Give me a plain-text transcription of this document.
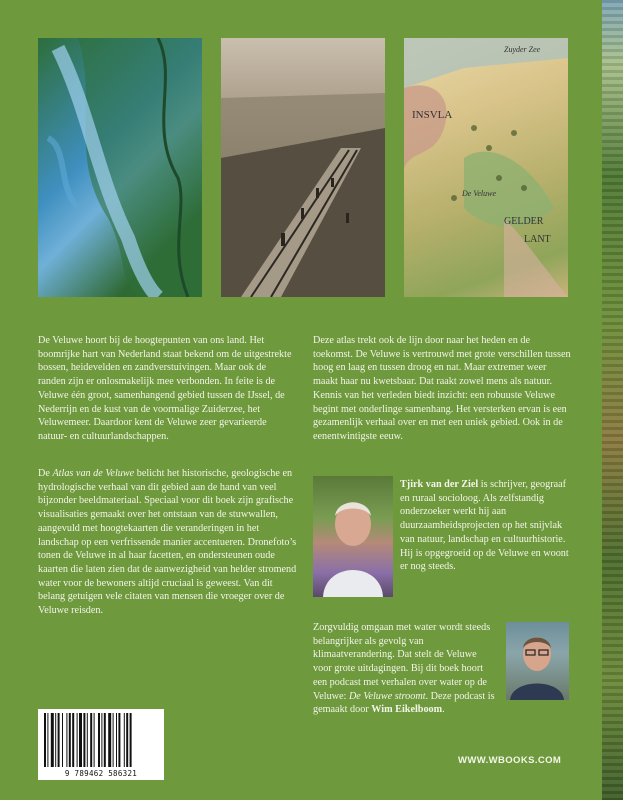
Zuyder Zee
INSVLA
De Veluwe
GELDER
LANT

De Veluwe hoort bij de hoogtepunten van ons land. Het boomrijke hart van Nederland staat bekend om de uitgestrekte bossen, heidevelden en zandverstuivingen. Maar ook de randen zijn er onlosmakelijk mee verbonden. In feite is de Veluwe één groot, samenhangend gebied tussen de IJssel, de Nederrijn en de kust van de voormalige Zuiderzee, het Veluwemeer. Daardoor kent de Veluwe zeer gevarieerde natuur- en cultuurlandschappen.

De Atlas van de Veluwe belicht het historische, geologische en hydrologische verhaal van dit gebied aan de hand van veel bijzonder beeldmateriaal. Speciaal voor dit boek zijn grafische visualisaties gemaakt over het ontstaan van de stuwwallen, aangevuld met hoogtekaarten die veranderingen in het landschap op een verfrissende manier accentueren. Dronefoto’s tonen de Veluwe in al haar facetten, en ondersteunen oude kaarten die laten zien dat de aanwezigheid van helder stromend water voor de bewoners altijd cruciaal is geweest. Van dit belang getuigen vele citaten van mensen die vroeger over de Veluwe reisden.

Deze atlas trekt ook de lijn door naar het heden en de toekomst. De Veluwe is vertrouwd met grote verschillen tussen hoog en laag en tussen droog en nat. Maar extremer weer maakt haar nu kwetsbaar. Dat raakt zowel mens als natuur. Kennis van het verleden biedt inzicht: een robuuste Veluwe begint met onderlinge samenhang. Het versterken ervan is een gezamenlijk verhaal over en met een uniek gebied. Ook in de eenentwintigste eeuw.

Tjirk van der Ziel is schrijver, geograaf en ruraal socioloog. Als zelfstandig onderzoeker werkt hij aan duurzaamheidsprojecten op het snijvlak van natuur, landschap en cultuurhistorie. Hij is opgegroeid op de Veluwe en woont er nog steeds.

Zorgvuldig omgaan met water wordt steeds belangrijker als gevolg van klimaatverandering. Dat stelt de Veluwe voor grote uitdagingen. Bij dit boek hoort een podcast met verhalen over water op de Veluwe: De Veluwe stroomt. Deze podcast is gemaakt door Wim Eikelboom.

9 789462 586321
WWW.WBOOKS.COM
